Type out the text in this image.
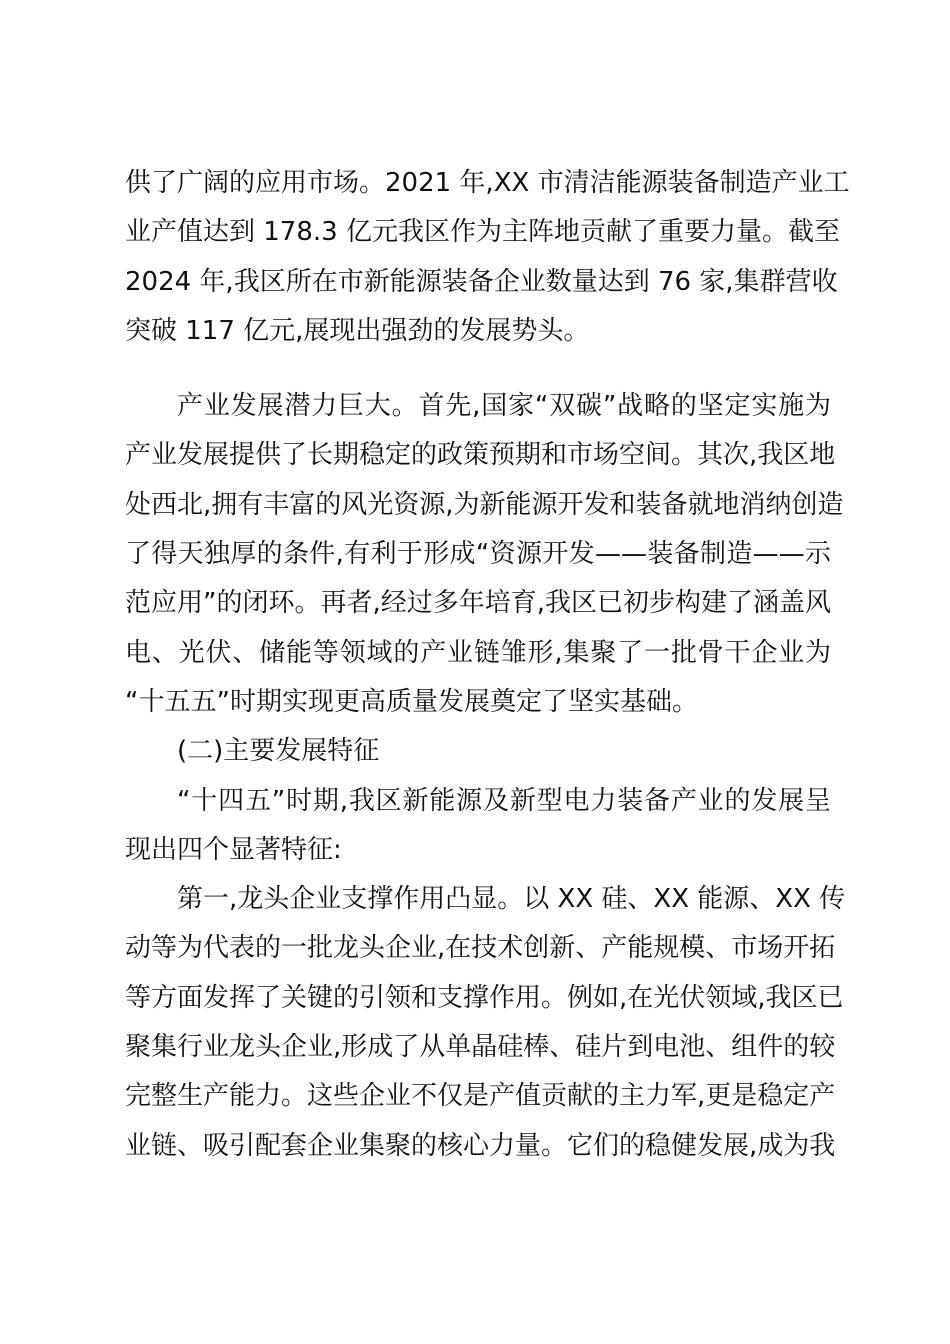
供了广阔的应用市场。2021 年,XX 市清洁能源装备制造产业工
业产值达到 178.3 亿元我区作为主阵地贡献了重要力量。截至
2024 年,我区所在市新能源装备企业数量达到 76 家,集群营收
突破 117 亿元,展现出强劲的发展势头。
产业发展潜力巨大。首先,国家“双碳”战略的坚定实施为
产业发展提供了长期稳定的政策预期和市场空间。其次,我区地
处西北,拥有丰富的风光资源,为新能源开发和装备就地消纳创造
了得天独厚的条件,有利于形成“资源开发——装备制造——示
范应用”的闭环。再者,经过多年培育,我区已初步构建了涵盖风
电、光伏、储能等领域的产业链雏形,集聚了一批骨干企业为
“十五五”时期实现更高质量发展奠定了坚实基础。
(二)主要发展特征
“十四五”时期,我区新能源及新型电力装备产业的发展呈
现出四个显著特征:
第一,龙头企业支撑作用凸显。以 XX 硅、XX 能源、XX 传
动等为代表的一批龙头企业,在技术创新、产能规模、市场开拓
等方面发挥了关键的引领和支撑作用。例如,在光伏领域,我区已
聚集行业龙头企业,形成了从单晶硅棒、硅片到电池、组件的较
完整生产能力。这些企业不仅是产值贡献的主力军,更是稳定产
业链、吸引配套企业集聚的核心力量。它们的稳健发展,成为我
